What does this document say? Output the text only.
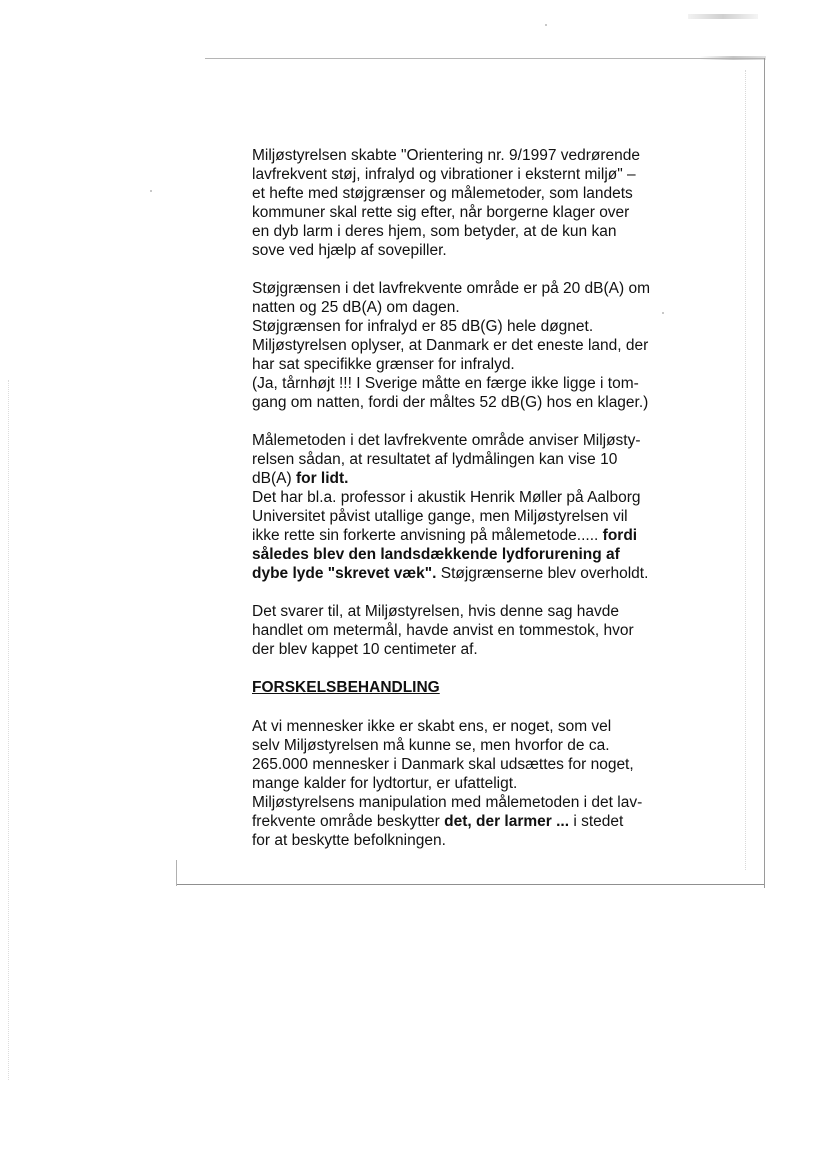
Miljøstyrelsen skabte "Orientering nr. 9/1997 vedrørende
lavfrekvent støj, infralyd og vibrationer i eksternt miljø" –
et hefte med støjgrænser og målemetoder, som landets
kommuner skal rette sig efter, når borgerne klager over
en dyb larm i deres hjem, som betyder, at de kun kan
sove ved hjælp af sovepiller.
Støjgrænsen i det lavfrekvente område er på 20 dB(A) om
natten og 25 dB(A) om dagen.
Støjgrænsen for infralyd er 85 dB(G) hele døgnet.
Miljøstyrelsen oplyser, at Danmark er det eneste land, der
har sat specifikke grænser for infralyd.
(Ja, tårnhøjt !!! I Sverige måtte en færge ikke ligge i tom-
gang om natten, fordi der måltes 52 dB(G) hos en klager.)
Målemetoden i det lavfrekvente område anviser Miljøsty-
relsen sådan, at resultatet af lydmålingen kan vise 10
dB(A) for lidt.
Det har bl.a. professor i akustik Henrik Møller på Aalborg
Universitet påvist utallige gange, men Miljøstyrelsen vil
ikke rette sin forkerte anvisning på målemetode..... fordi
således blev den landsdækkende lydforurening af
dybe lyde "skrevet væk". Støjgrænserne blev overholdt.
Det svarer til, at Miljøstyrelsen, hvis denne sag havde
handlet om metermål, havde anvist en tommestok, hvor
der blev kappet 10 centimeter af.
FORSKELSBEHANDLING
At vi mennesker ikke er skabt ens, er noget, som vel
selv Miljøstyrelsen må kunne se, men hvorfor de ca.
265.000 mennesker i Danmark skal udsættes for noget,
mange kalder for lydtortur, er ufatteligt.
Miljøstyrelsens manipulation med målemetoden i det lav-
frekvente område beskytter det, der larmer ... i stedet
for at beskytte befolkningen.
